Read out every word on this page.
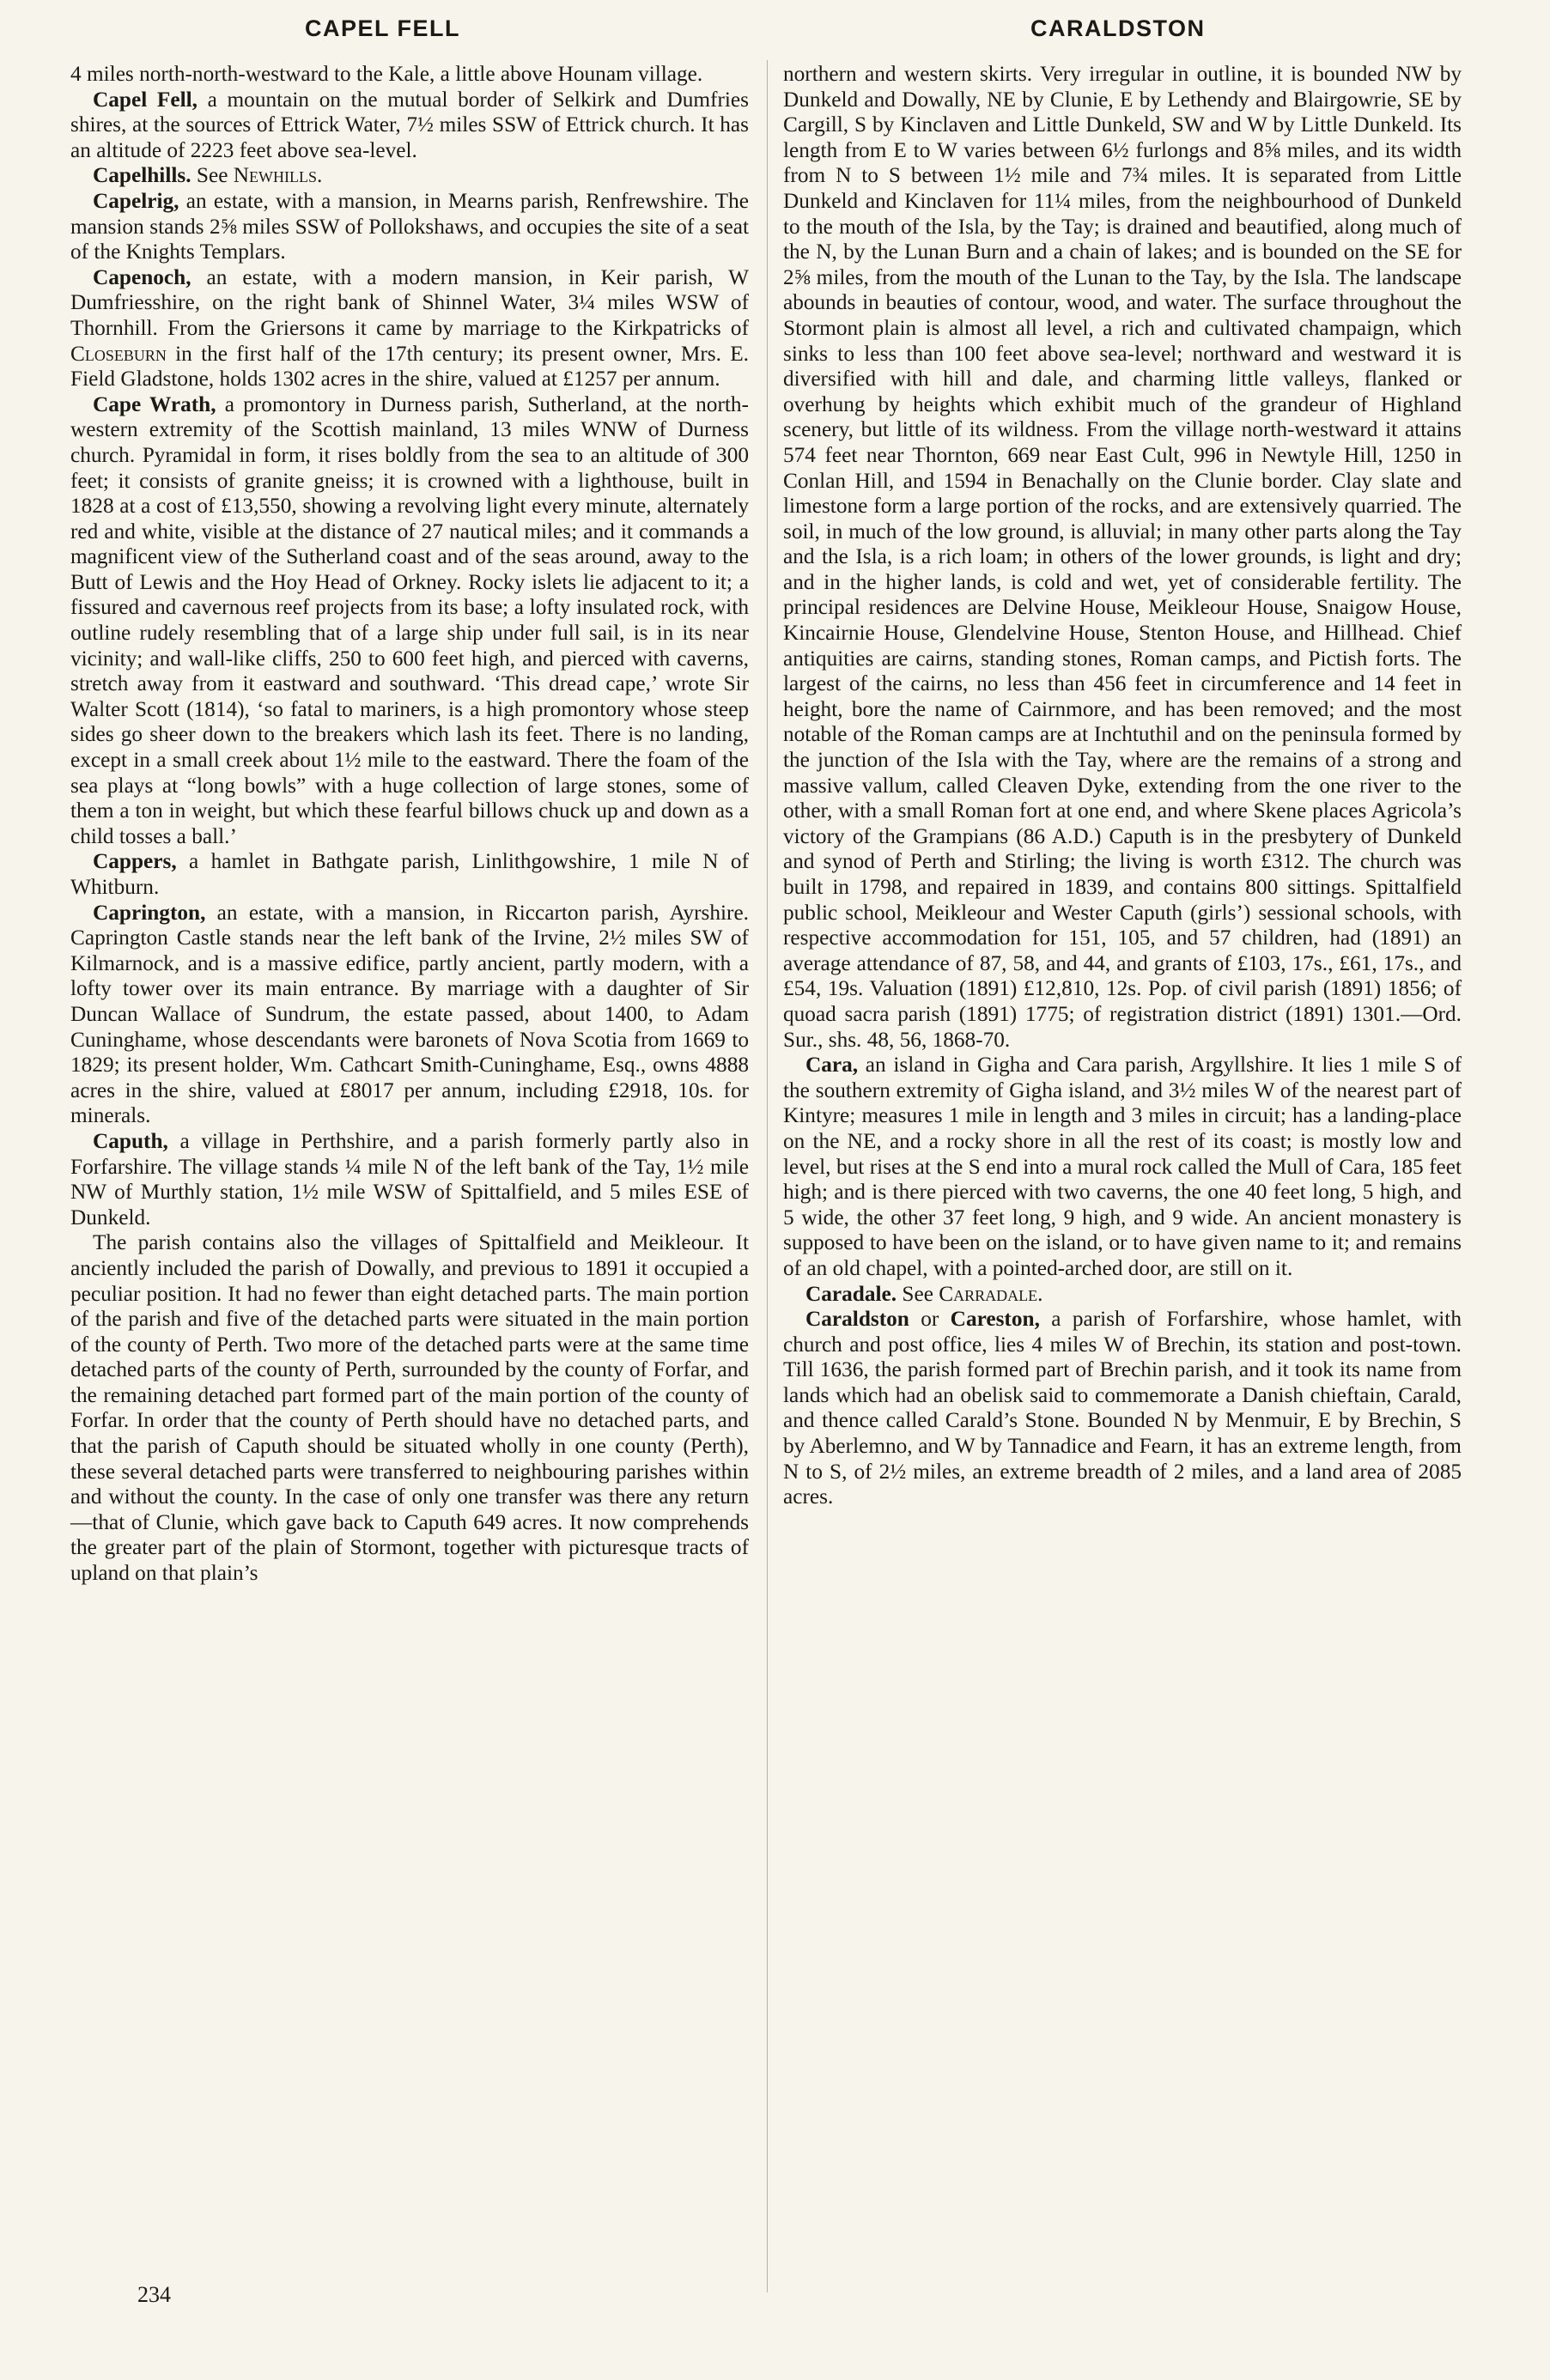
CAPEL FELL	CARALDSTON

4 miles north-north-westward to the Kale, a little above Hounam village.

Capel Fell, a mountain on the mutual border of Selkirk and Dumfries shires, at the sources of Ettrick Water, 7½ miles SSW of Ettrick church. It has an altitude of 2223 feet above sea-level.

Capelhills. See Newhills.

Capelrig, an estate, with a mansion, in Mearns parish, Renfrewshire. The mansion stands 2⅝ miles SSW of Pollokshaws, and occupies the site of a seat of the Knights Templars.

Capenoch, an estate, with a modern mansion, in Keir parish, W Dumfriesshire, on the right bank of Shinnel Water, 3¼ miles WSW of Thornhill. From the Griersons it came by marriage to the Kirkpatricks of Closeburn in the first half of the 17th century; its present owner, Mrs. E. Field Gladstone, holds 1302 acres in the shire, valued at £1257 per annum.

Cape Wrath, a promontory in Durness parish, Sutherland, at the north-western extremity of the Scottish mainland, 13 miles WNW of Durness church. Pyramidal in form, it rises boldly from the sea to an altitude of 300 feet; it consists of granite gneiss; it is crowned with a lighthouse, built in 1828 at a cost of £13,550, showing a revolving light every minute, alternately red and white, visible at the distance of 27 nautical miles; and it commands a magnificent view of the Sutherland coast and of the seas around, away to the Butt of Lewis and the Hoy Head of Orkney. Rocky islets lie adjacent to it; a fissured and cavernous reef projects from its base; a lofty insulated rock, with outline rudely resembling that of a large ship under full sail, is in its near vicinity; and wall-like cliffs, 250 to 600 feet high, and pierced with caverns, stretch away from it eastward and southward. ‘This dread cape,’ wrote Sir Walter Scott (1814), ‘so fatal to mariners, is a high promontory whose steep sides go sheer down to the breakers which lash its feet. There is no landing, except in a small creek about 1½ mile to the eastward. There the foam of the sea plays at “long bowls” with a huge collection of large stones, some of them a ton in weight, but which these fearful billows chuck up and down as a child tosses a ball.’

Cappers, a hamlet in Bathgate parish, Linlithgowshire, 1 mile N of Whitburn.

Caprington, an estate, with a mansion, in Riccarton parish, Ayrshire. Caprington Castle stands near the left bank of the Irvine, 2½ miles SW of Kilmarnock, and is a massive edifice, partly ancient, partly modern, with a lofty tower over its main entrance. By marriage with a daughter of Sir Duncan Wallace of Sundrum, the estate passed, about 1400, to Adam Cuninghame, whose descendants were baronets of Nova Scotia from 1669 to 1829; its present holder, Wm. Cathcart Smith-Cuninghame, Esq., owns 4888 acres in the shire, valued at £8017 per annum, including £2918, 10s. for minerals.

Caputh, a village in Perthshire, and a parish formerly partly also in Forfarshire. The village stands ¼ mile N of the left bank of the Tay, 1½ mile NW of Murthly station, 1½ mile WSW of Spittalfield, and 5 miles ESE of Dunkeld.

The parish contains also the villages of Spittalfield and Meikleour. It anciently included the parish of Dowally, and previous to 1891 it occupied a peculiar position. It had no fewer than eight detached parts. The main portion of the parish and five of the detached parts were situated in the main portion of the county of Perth. Two more of the detached parts were at the same time detached parts of the county of Perth, surrounded by the county of Forfar, and the remaining detached part formed part of the main portion of the county of Forfar. In order that the county of Perth should have no detached parts, and that the parish of Caputh should be situated wholly in one county (Perth), these several detached parts were transferred to neighbouring parishes within and without the county. In the case of only one transfer was there any return—that of Clunie, which gave back to Caputh 649 acres. It now comprehends the greater part of the plain of Stormont, together with picturesque tracts of upland on that plain’s

northern and western skirts. Very irregular in outline, it is bounded NW by Dunkeld and Dowally, NE by Clunie, E by Lethendy and Blairgowrie, SE by Cargill, S by Kinclaven and Little Dunkeld, SW and W by Little Dunkeld. Its length from E to W varies between 6½ furlongs and 8⅝ miles, and its width from N to S between 1½ mile and 7¾ miles. It is separated from Little Dunkeld and Kinclaven for 11¼ miles, from the neighbourhood of Dunkeld to the mouth of the Isla, by the Tay; is drained and beautified, along much of the N, by the Lunan Burn and a chain of lakes; and is bounded on the SE for 2⅝ miles, from the mouth of the Lunan to the Tay, by the Isla. The landscape abounds in beauties of contour, wood, and water. The surface throughout the Stormont plain is almost all level, a rich and cultivated champaign, which sinks to less than 100 feet above sea-level; northward and westward it is diversified with hill and dale, and charming little valleys, flanked or overhung by heights which exhibit much of the grandeur of Highland scenery, but little of its wildness. From the village north-westward it attains 574 feet near Thornton, 669 near East Cult, 996 in Newtyle Hill, 1250 in Conlan Hill, and 1594 in Benachally on the Clunie border. Clay slate and limestone form a large portion of the rocks, and are extensively quarried. The soil, in much of the low ground, is alluvial; in many other parts along the Tay and the Isla, is a rich loam; in others of the lower grounds, is light and dry; and in the higher lands, is cold and wet, yet of considerable fertility. The principal residences are Delvine House, Meikleour House, Snaigow House, Kincairnie House, Glendelvine House, Stenton House, and Hillhead. Chief antiquities are cairns, standing stones, Roman camps, and Pictish forts. The largest of the cairns, no less than 456 feet in circumference and 14 feet in height, bore the name of Cairnmore, and has been removed; and the most notable of the Roman camps are at Inchtuthil and on the peninsula formed by the junction of the Isla with the Tay, where are the remains of a strong and massive vallum, called Cleaven Dyke, extending from the one river to the other, with a small Roman fort at one end, and where Skene places Agricola’s victory of the Grampians (86 A.D.) Caputh is in the presbytery of Dunkeld and synod of Perth and Stirling; the living is worth £312. The church was built in 1798, and repaired in 1839, and contains 800 sittings. Spittalfield public school, Meikleour and Wester Caputh (girls’) sessional schools, with respective accommodation for 151, 105, and 57 children, had (1891) an average attendance of 87, 58, and 44, and grants of £103, 17s., £61, 17s., and £54, 19s. Valuation (1891) £12,810, 12s. Pop. of civil parish (1891) 1856; of quoad sacra parish (1891) 1775; of registration district (1891) 1301.—Ord. Sur., shs. 48, 56, 1868-70.

Cara, an island in Gigha and Cara parish, Argyllshire. It lies 1 mile S of the southern extremity of Gigha island, and 3½ miles W of the nearest part of Kintyre; measures 1 mile in length and 3 miles in circuit; has a landing-place on the NE, and a rocky shore in all the rest of its coast; is mostly low and level, but rises at the S end into a mural rock called the Mull of Cara, 185 feet high; and is there pierced with two caverns, the one 40 feet long, 5 high, and 5 wide, the other 37 feet long, 9 high, and 9 wide. An ancient monastery is supposed to have been on the island, or to have given name to it; and remains of an old chapel, with a pointed-arched door, are still on it.

Caradale. See Carradale.

Caraldston or Careston, a parish of Forfarshire, whose hamlet, with church and post office, lies 4 miles W of Brechin, its station and post-town. Till 1636, the parish formed part of Brechin parish, and it took its name from lands which had an obelisk said to commemorate a Danish chieftain, Carald, and thence called Carald’s Stone. Bounded N by Menmuir, E by Brechin, S by Aberlemno, and W by Tannadice and Fearn, it has an extreme length, from N to S, of 2½ miles, an extreme breadth of 2 miles, and a land area of 2085 acres.

234
